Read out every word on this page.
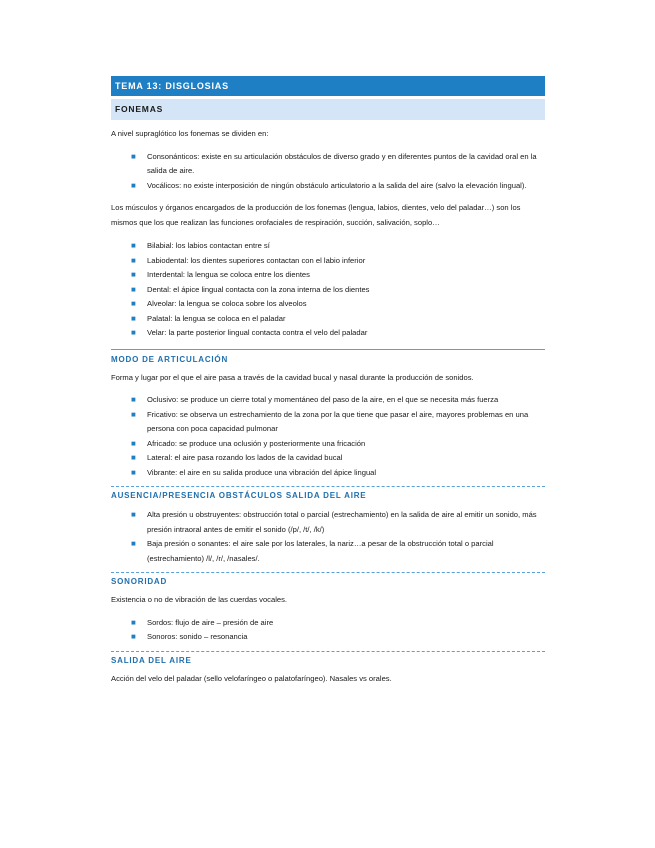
TEMA 13: DISGLOSIAS
FONEMAS

A nivel supraglótico los fonemas se dividen en:

■ Consonánticos: existe en su articulación obstáculos de diverso grado y en diferentes puntos de la cavidad oral en la salida de aire.
■ Vocálicos: no existe interposición de ningún obstáculo articulatorio a la salida del aire (salvo la elevación lingual).

Los músculos y órganos encargados de la producción de los fonemas (lengua, labios, dientes, velo del paladar…) son los mismos que los que realizan las funciones orofaciales de respiración, succión, salivación, soplo…

■ Bilabial: los labios contactan entre sí
■ Labiodental: los dientes superiores contactan con el labio inferior
■ Interdental: la lengua se coloca entre los dientes
■ Dental: el ápice lingual contacta con la zona interna de los dientes
■ Alveolar: la lengua se coloca sobre los alveolos
■ Palatal: la lengua se coloca en el paladar
■ Velar: la parte posterior lingual contacta contra el velo del paladar
MODO DE ARTICULACIÓN

Forma y lugar por el que el aire pasa a través de la cavidad bucal y nasal durante la producción de sonidos.

■ Oclusivo: se produce un cierre total y momentáneo del paso de la aire, en el que se necesita más fuerza
■ Fricativo: se observa un estrechamiento de la zona por la que tiene que pasar el aire, mayores problemas en una persona con poca capacidad pulmonar
■ Africado: se produce una oclusión y posteriormente una fricación
■ Lateral: el aire pasa rozando los lados de la cavidad bucal
■ Vibrante: el aire en su salida produce una vibración del ápice lingual
AUSENCIA/PRESENCIA OBSTÁCULOS SALIDA DEL AIRE
■ Alta presión u obstruyentes: obstrucción total o parcial (estrechamiento) en la salida de aire al emitir un sonido, más presión intraoral antes de emitir el sonido (/p/, /t/, /k/)
■ Baja presión o sonantes: el aire sale por los laterales, la nariz…a pesar de la obstrucción total o parcial (estrechamiento) /l/, /r/, /nasales/.
SONORIDAD

Existencia o no de vibración de las cuerdas vocales.

■ Sordos: flujo de aire – presión de aire
■ Sonoros: sonido – resonancia
SALIDA DEL AIRE

Acción del velo del paladar (sello velofaríngeo o palatofaríngeo). Nasales vs orales.
